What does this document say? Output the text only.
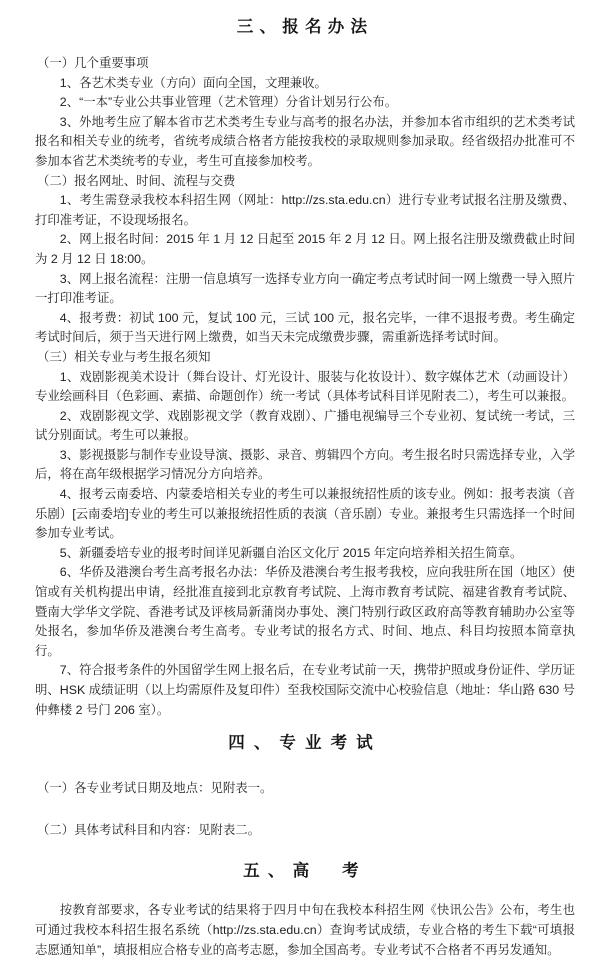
三、报名办法

（一）几个重要事项

1、各艺术类专业（方向）面向全国，文理兼收。

2、“一本”专业公共事业管理（艺术管理）分省计划另行公布。

3、外地考生应了解本省市艺术类考生专业与高考的报名办法，并参加本省市组织的艺术类考试报名和相关专业的统考，省统考成绩合格者方能按我校的录取规则参加录取。经省级招办批准可不参加本省艺术类统考的专业，考生可直接参加校考。

（二）报名网址、时间、流程与交费

1、考生需登录我校本科招生网（网址：http://zs.sta.edu.cn）进行专业考试报名注册及缴费、打印准考证，不设现场报名。

2、网上报名时间：2015 年 1 月 12 日起至 2015 年 2 月 12 日。网上报名注册及缴费截止时间为 2 月 12 日 18:00。

3、网上报名流程：注册一信息填写一选择专业方向一确定考点考试时间一网上缴费一导入照片一打印准考证。

4、报考费：初试 100 元，复试 100 元，三试 100 元，报名完毕，一律不退报考费。考生确定考试时间后，须于当天进行网上缴费，如当天未完成缴费步骤，需重新选择考试时间。

（三）相关专业与考生报名须知

1、戏剧影视美术设计（舞台设计、灯光设计、服装与化妆设计）、数字媒体艺术（动画设计）专业绘画科目（色彩画、素描、命题创作）统一考试（具体考试科目详见附表二），考生可以兼报。

2、戏剧影视文学、戏剧影视文学（教育戏剧）、广播电视编导三个专业初、复试统一考试，三试分别面试。考生可以兼报。

3、影视摄影与制作专业设导演、摄影、录音、剪辑四个方向。考生报名时只需选择专业，入学后，将在高年级根据学习情况分方向培养。

4、报考云南委培、内蒙委培相关专业的考生可以兼报统招性质的该专业。例如：报考表演（音乐剧）[云南委培]专业的考生可以兼报统招性质的表演（音乐剧）专业。兼报考生只需选择一个时间参加专业考试。

5、新疆委培专业的报考时间详见新疆自治区文化厅 2015 年定向培养相关招生简章。

6、华侨及港澳台考生高考报名办法：华侨及港澳台考生报考我校，应向我驻所在国（地区）使馆或有关机构提出申请，经批准直接到北京教育考试院、上海市教育考试院、福建省教育考试院、暨南大学华文学院、香港考试及评核局新蒲岗办事处、澳门特别行政区政府高等教育辅助办公室等处报名，参加华侨及港澳台考生高考。专业考试的报名方式、时间、地点、科目均按照本简章执行。

7、符合报考条件的外国留学生网上报名后，在专业考试前一天，携带护照或身份证件、学历证明、HSK 成绩证明（以上均需原件及复印件）至我校国际交流中心校验信息（地址：华山路 630 号仲彝楼 2 号门 206 室）。

四、专业考试

（一）各专业考试日期及地点：见附表一。

（二）具体考试科目和内容：见附表二。

五、高　考

按教育部要求，各专业考试的结果将于四月中旬在我校本科招生网《快讯公告》公布，考生也可通过我校本科招生报名系统（http://zs.sta.edu.cn）查询考试成绩，专业合格的考生下载“可填报志愿通知单”，填报相应合格专业的高考志愿，参加全国高考。专业考试不合格者不再另发通知。
